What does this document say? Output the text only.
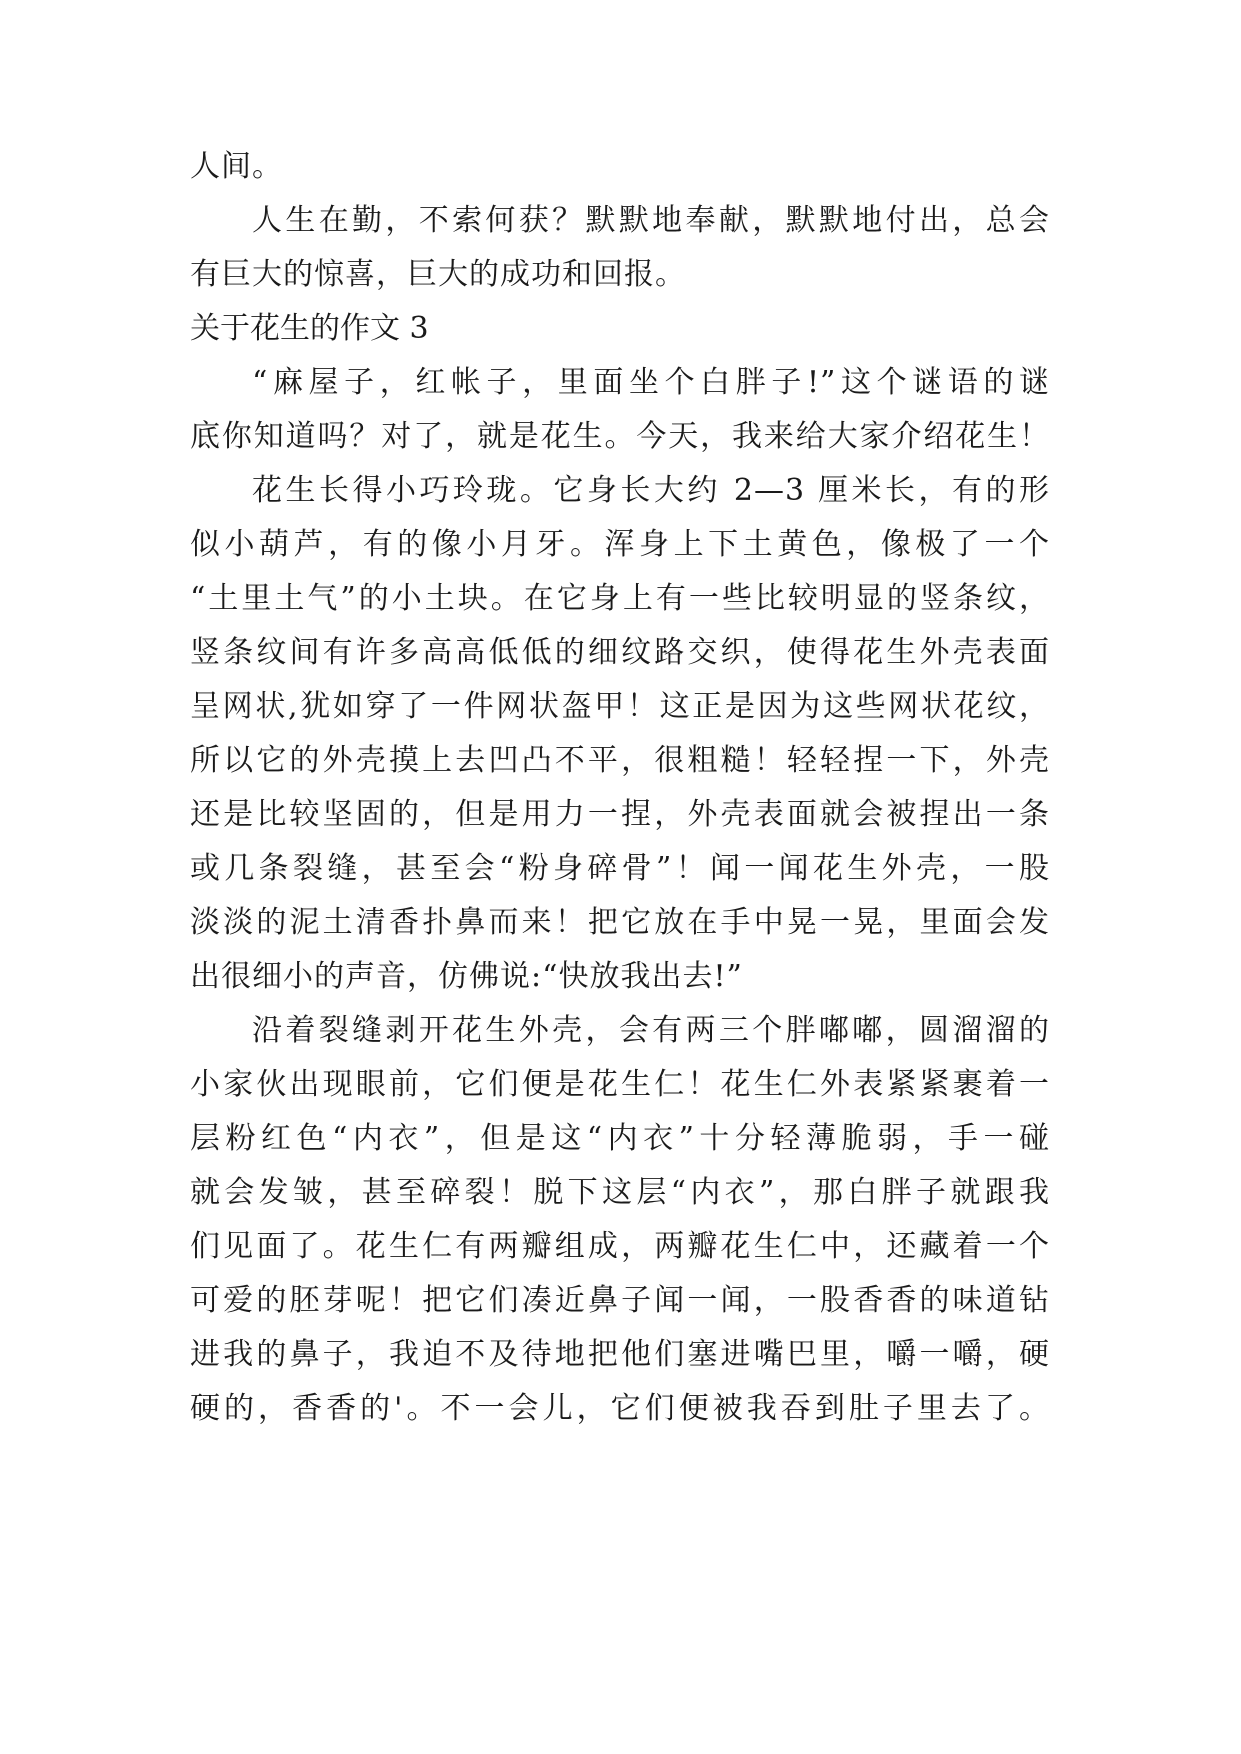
人间。
人生在勤，不索何获？默默地奉献，默默地付出，总会
有巨大的惊喜，巨大的成功和回报。
关于花生的作文 3
“麻屋子，红帐子，里面坐个白胖子!”这个谜语的谜
底你知道吗？对了，就是花生。今天，我来给大家介绍花生！
花生长得小巧玲珑。它身长大约 2—3 厘米长，有的形
似小葫芦，有的像小月牙。浑身上下土黄色，像极了一个
“土里土气”的小土块。在它身上有一些比较明显的竖条纹，
竖条纹间有许多高高低低的细纹路交织，使得花生外壳表面
呈网状,犹如穿了一件网状盔甲！这正是因为这些网状花纹，
所以它的外壳摸上去凹凸不平，很粗糙！轻轻捏一下，外壳
还是比较坚固的，但是用力一捏，外壳表面就会被捏出一条
或几条裂缝，甚至会“粉身碎骨”！闻一闻花生外壳，一股
淡淡的泥土清香扑鼻而来！把它放在手中晃一晃，里面会发
出很细小的声音，仿佛说:“快放我出去!”
沿着裂缝剥开花生外壳，会有两三个胖嘟嘟，圆溜溜的
小家伙出现眼前，它们便是花生仁！花生仁外表紧紧裹着一
层粉红色“内衣”，但是这“内衣”十分轻薄脆弱，手一碰
就会发皱，甚至碎裂！脱下这层“内衣”，那白胖子就跟我
们见面了。花生仁有两瓣组成，两瓣花生仁中，还藏着一个
可爱的胚芽呢！把它们凑近鼻子闻一闻，一股香香的味道钻
进我的鼻子，我迫不及待地把他们塞进嘴巴里，嚼一嚼，硬
硬的，香香的'。不一会儿，它们便被我吞到肚子里去了。
